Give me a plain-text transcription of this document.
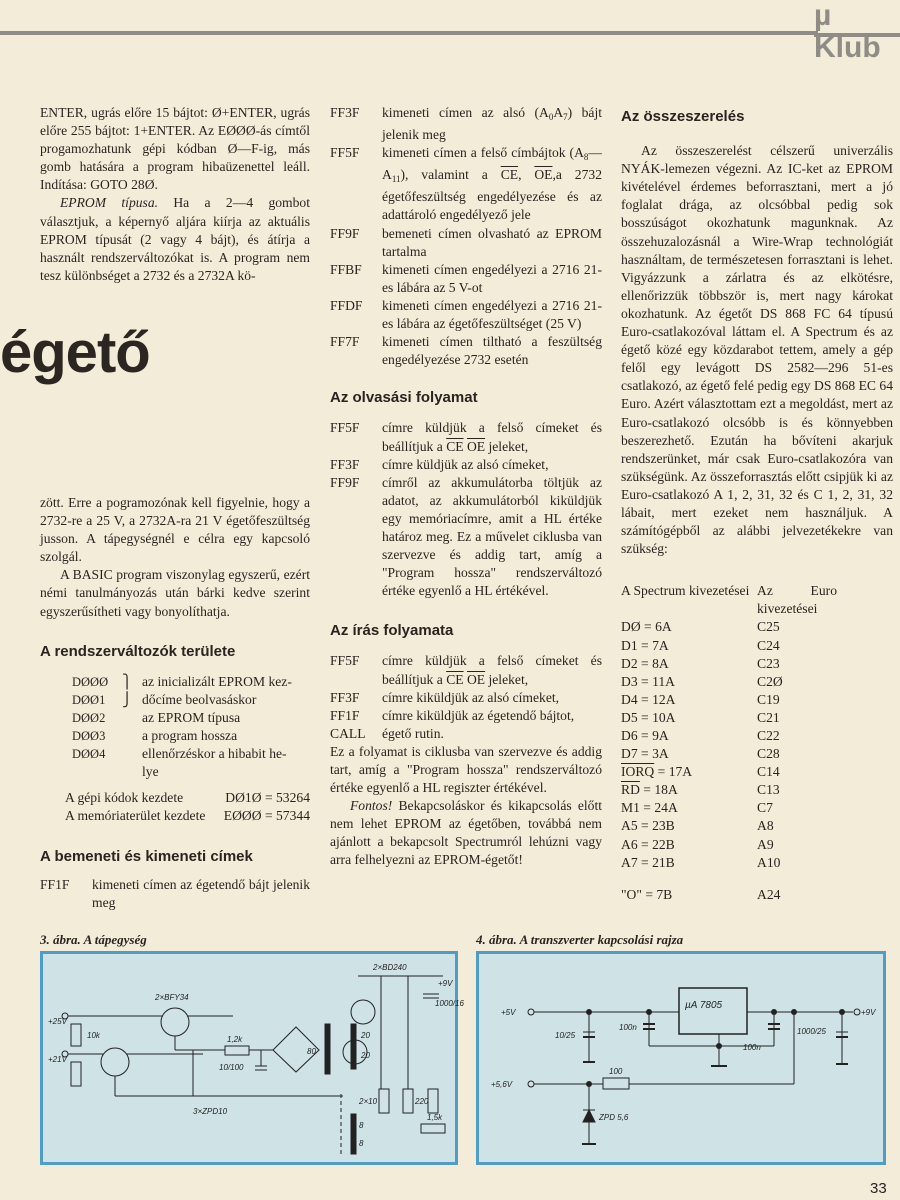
µ Klub
égető

ENTER, ugrás előre 15 bájtot: Ø+ENTER, ugrás előre 255 bájtot: 1+ENTER. Az EØØØ-ás címtől progamozhatunk gépi kódban Ø—F-ig, más gomb hatására a program hibaüzenettel leáll. Indítása: GOTO 28Ø.

EPROM típusa. Ha a 2—4 gombot választjuk, a képernyő aljára kiírja az aktuális EPROM típusát (2 vagy 4 bájt), és átírja a használt rendszerváltozókat is. A program nem tesz különbséget a 2732 és a 2732A kö-

zött. Erre a pogramozónak kell figyelnie, hogy a 2732-re a 25 V, a 2732A-ra 21 V égetőfeszültség jusson. A tápegységnél e célra egy kapcsoló szolgál.

A BASIC program viszonylag egyszerű, ezért némi tanulmányozás után bárki kedve szerint egyszerűsítheti vagy bonyolíthatja.

A rendszerváltozók területe
DØØØ	⎫ az inicializált EPROM kez-
DØØ1	⎭ dőcíme beolvasáskor
DØØ2	az EPROM típusa
DØØ3	a program hossza
DØØ4	ellenőrzéskor a hibabit he-
lye
A gépi kódok kezdete	DØ1Ø = 53264
A memóriaterület kezdete EØØØ = 57344
A bemeneti és kimeneti címek
FF1F	kimeneti címen az égetendő bájt jelenik meg
FF3F	kimeneti címen az alsó $(A_0A_7)$ bájt jelenik meg
FF5F	kimeneti címen a felső címbájtok $(A_8—A_{11})$, valamint a $\overline{CE}$, $\overline{OE},a$ 2732 égetőfeszültség engedélyezése és az adattároló engedélyező jele
FF9F	bemeneti címen olvasható az EPROM tartalma
FFBF	kimeneti címen engedélyezi a 2716 21-es lábára az 5 V-ot
FFDF	kimeneti címen engedélyezi a 2716 21-es lábára az égetőfeszültséget (25 V)
FF7F	kimeneti címen tiltható a feszültség engedélyezése 2732 esetén
Az olvasási folyamat
FF5F	címre küldjük a felső címeket és beállítjuk a $\overline{CE}$ $\overline{OE}$ jeleket,
FF3F	címre küldjük az alsó címeket,
FF9F	címről az akkumulátorba töltjük az adatot, az akkumulátorból kiküldjük egy memóriacímre, amit a HL értéke határoz meg. Ez a művelet ciklusba van szervezve és addig tart, amíg a "Program hossza" rendszerváltozó értéke egyenlő a HL értékével.
Az írás folyamata
FF5F	címre küldjük a felső címeket és beállítjuk a $\overline{CE}$ $\overline{OE}$ jeleket,
FF3F	címre kiküldjük az alsó címeket,
FF1F	címre kiküldjük az égetendő bájtot,
CALL	égető rutin.

Ez a folyamat is ciklusba van szervezve és addig tart, amíg a "Program hossza" rendszerváltozó értéke egyenlő a HL regiszter értékével.

Fontos! Bekapcsoláskor és kikapcsolás előtt nem lehet EPROM az égetőben, továbbá nem ajánlott a bekapcsolt Spectrumról lehúzni vagy arra felhelyezni az EPROM-égetőt!

Az összeszerelés

Az összeszerelést célszerű univerzális NYÁK-lemezen végezni. Az IC-ket az EPROM kivételével érdemes beforrasztani, mert a jó foglalat drága, az olcsóbbal pedig sok bosszúságot okozhatunk magunknak. Az összehuzalozásnál a Wire-Wrap technológiát használtam, de természetesen forrasztani is lehet. Vigyázzunk a zárlatra és az elkötésre, ellenőrizzük többször is, mert nagy károkat okozhatunk. Az égetőt DS 868 FC 64 típusú Euro-csatlakozóval láttam el. A Spectrum és az égető közé egy közdarabot tettem, amely a gép felől egy levágott DS 2582—296 51-es csatlakozó, az égető felé pedig egy DS 868 EC 64 Euro. Azért választottam ezt a megoldást, mert az Euro-csatlakozó olcsóbb is és könnyebben beszerezhető. Ezután ha bővíteni akarjuk rendszerünket, már csak Euro-csatlakozóra van szükségünk. Az összeforrasztás előtt csipjük ki az Euro-csatlakozó A 1, 2, 31, 32 és C 1, 2, 31, 32 lábait, mert ezeket nem használjuk. A számítógépből az alábbi jelvezetékekre van szükség:

A Spectrum kivezetései Az Euro kivezetései
DØ = 6A	C25
D1 = 7A	C24
D2 = 8A	C23
D3 = 11A	C2Ø
D4 = 12A	C19
D5 = 10A	C21
D6 = 9A	C22
D7 = 3A	C28
IORQ = 17A	C14
$\overline{RD} = 18A$	C13
M1 = 24A	C7
A5 = 23B	A8
A6 = 22B	A9
A7 = 21B	A10
"O" = 7B	A24
3. ábra. A tápegység
+25V
+21V
10k
2×BFY34
1,2k
10/100
3×ZPD10
80
20
20
2×BD240
+9V
1000/16
2×10	220
1,5k
8
8
4. ábra. A transzverter kapcsolási rajza
+5V
+5,6V
10/25
100n
µA 7805
100n
1000/25
+9V
100
ZPD 5,6
33
